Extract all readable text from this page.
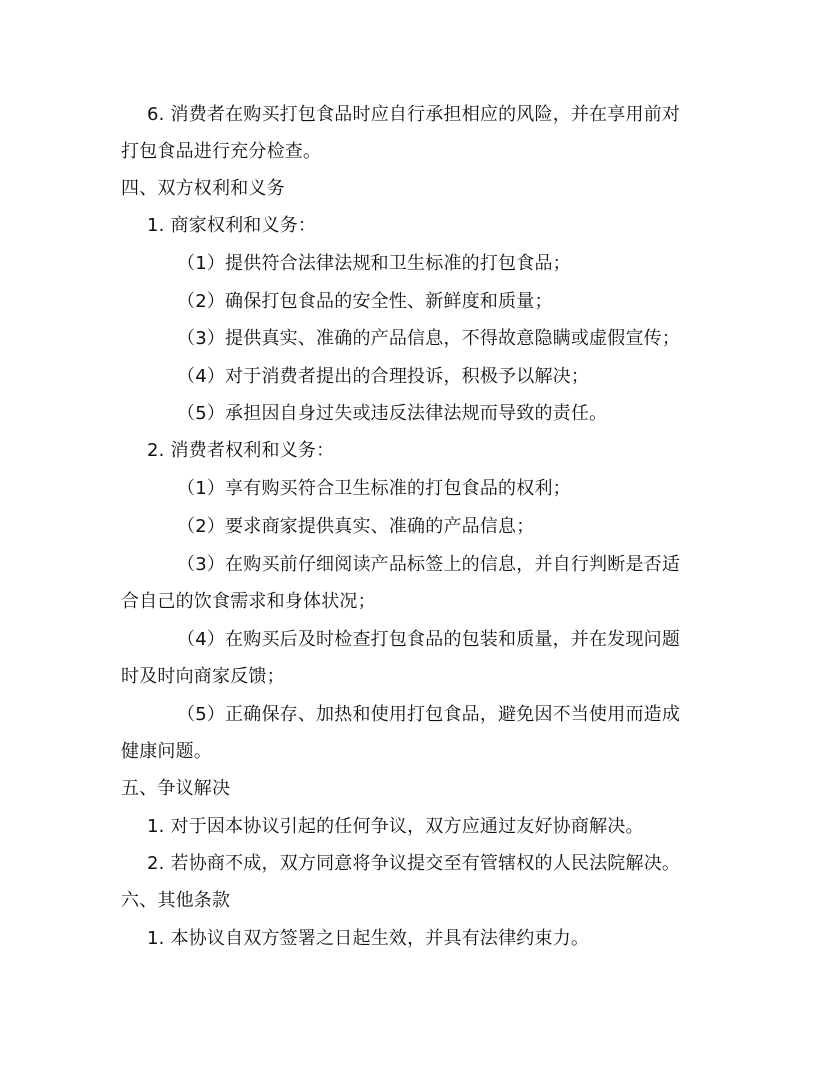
6. 消费者在购买打包食品时应自行承担相应的风险，并在享用前对
打包食品进行充分检查。
四、双方权利和义务
1. 商家权利和义务：
（1）提供符合法律法规和卫生标准的打包食品；
（2）确保打包食品的安全性、新鲜度和质量；
（3）提供真实、准确的产品信息，不得故意隐瞒或虚假宣传；
（4）对于消费者提出的合理投诉，积极予以解决；
（5）承担因自身过失或违反法律法规而导致的责任。
2. 消费者权利和义务：
（1）享有购买符合卫生标准的打包食品的权利；
（2）要求商家提供真实、准确的产品信息；
（3）在购买前仔细阅读产品标签上的信息，并自行判断是否适
合自己的饮食需求和身体状况；
（4）在购买后及时检查打包食品的包装和质量，并在发现问题
时及时向商家反馈；
（5）正确保存、加热和使用打包食品，避免因不当使用而造成
健康问题。
五、争议解决
1. 对于因本协议引起的任何争议，双方应通过友好协商解决。
2. 若协商不成，双方同意将争议提交至有管辖权的人民法院解决。
六、其他条款
1. 本协议自双方签署之日起生效，并具有法律约束力。
